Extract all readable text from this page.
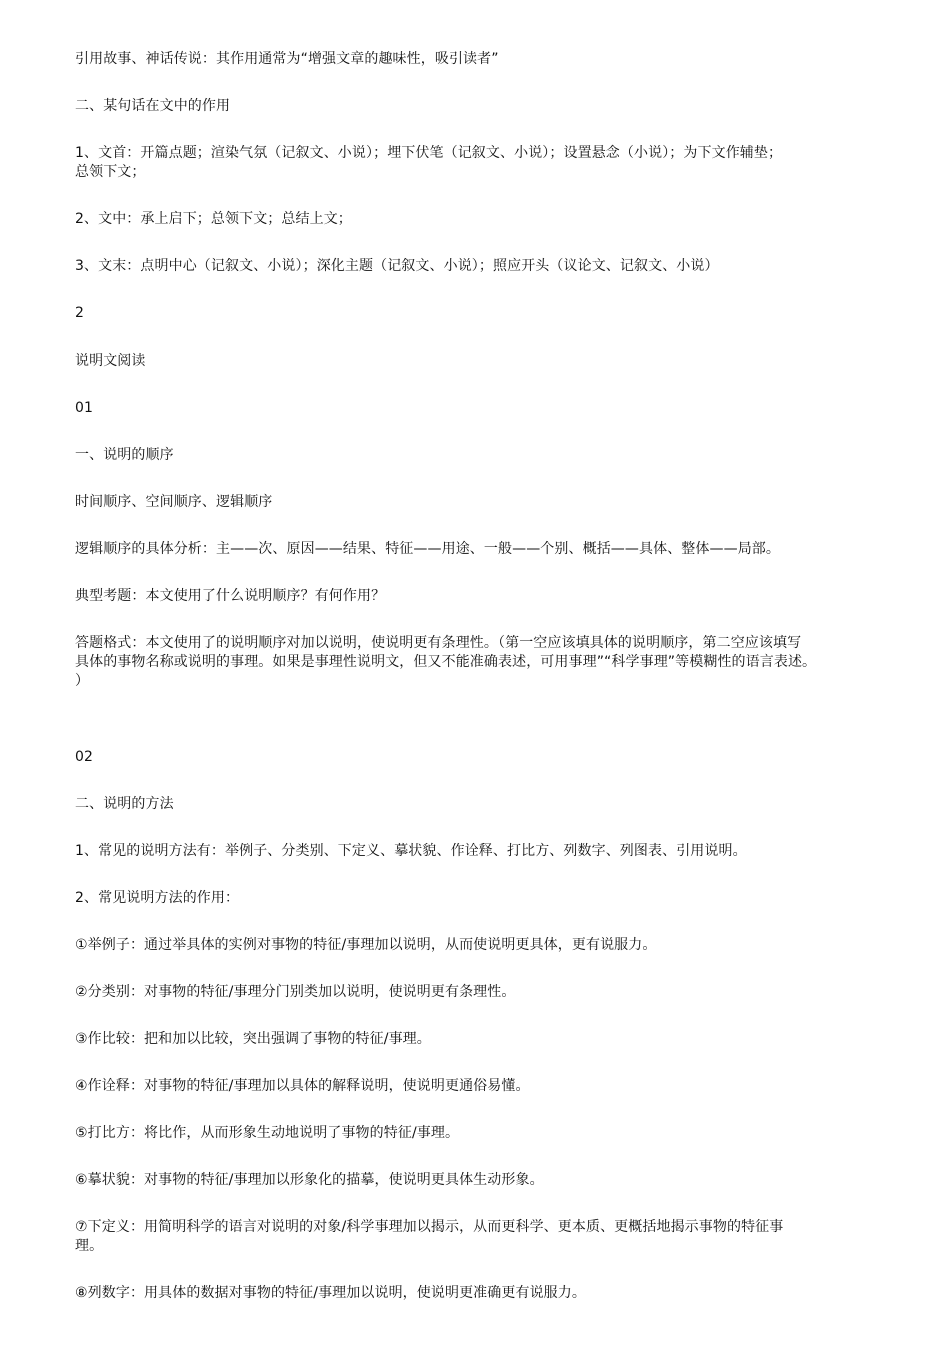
引用故事、神话传说：其作用通常为“增强文章的趣味性，吸引读者”
二、某句话在文中的作用
1、文首：开篇点题；渲染气氛（记叙文、小说）；埋下伏笔（记叙文、小说）；设置悬念（小说）；为下文作辅垫；
总领下文；
2、文中：承上启下；总领下文；总结上文；
3、文末：点明中心（记叙文、小说）；深化主题（记叙文、小说）；照应开头（议论文、记叙文、小说）
2
说明文阅读
01
一、说明的顺序
时间顺序、空间顺序、逻辑顺序
逻辑顺序的具体分析：主——次、原因——结果、特征——用途、一般——个别、概括——具体、整体——局部。
典型考题：本文使用了什么说明顺序？有何作用？
答题格式：本文使用了的说明顺序对加以说明，使说明更有条理性。（第一空应该填具体的说明顺序，第二空应该填写
具体的事物名称或说明的事理。如果是事理性说明文，但又不能准确表述，可用事理”“科学事理”等模糊性的语言表述。
）
02
二、说明的方法
1、常见的说明方法有：举例子、分类别、下定义、摹状貌、作诠释、打比方、列数字、列图表、引用说明。
2、常见说明方法的作用：
①举例子：通过举具体的实例对事物的特征/事理加以说明，从而使说明更具体，更有说服力。
②分类别：对事物的特征/事理分门别类加以说明，使说明更有条理性。
③作比较：把和加以比较，突出强调了事物的特征/事理。
④作诠释：对事物的特征/事理加以具体的解释说明，使说明更通俗易懂。
⑤打比方：将比作，从而形象生动地说明了事物的特征/事理。
⑥摹状貌：对事物的特征/事理加以形象化的描摹，使说明更具体生动形象。
⑦下定义：用简明科学的语言对说明的对象/科学事理加以揭示，从而更科学、更本质、更概括地揭示事物的特征事
理。
⑧列数字：用具体的数据对事物的特征/事理加以说明，使说明更准确更有说服力。
